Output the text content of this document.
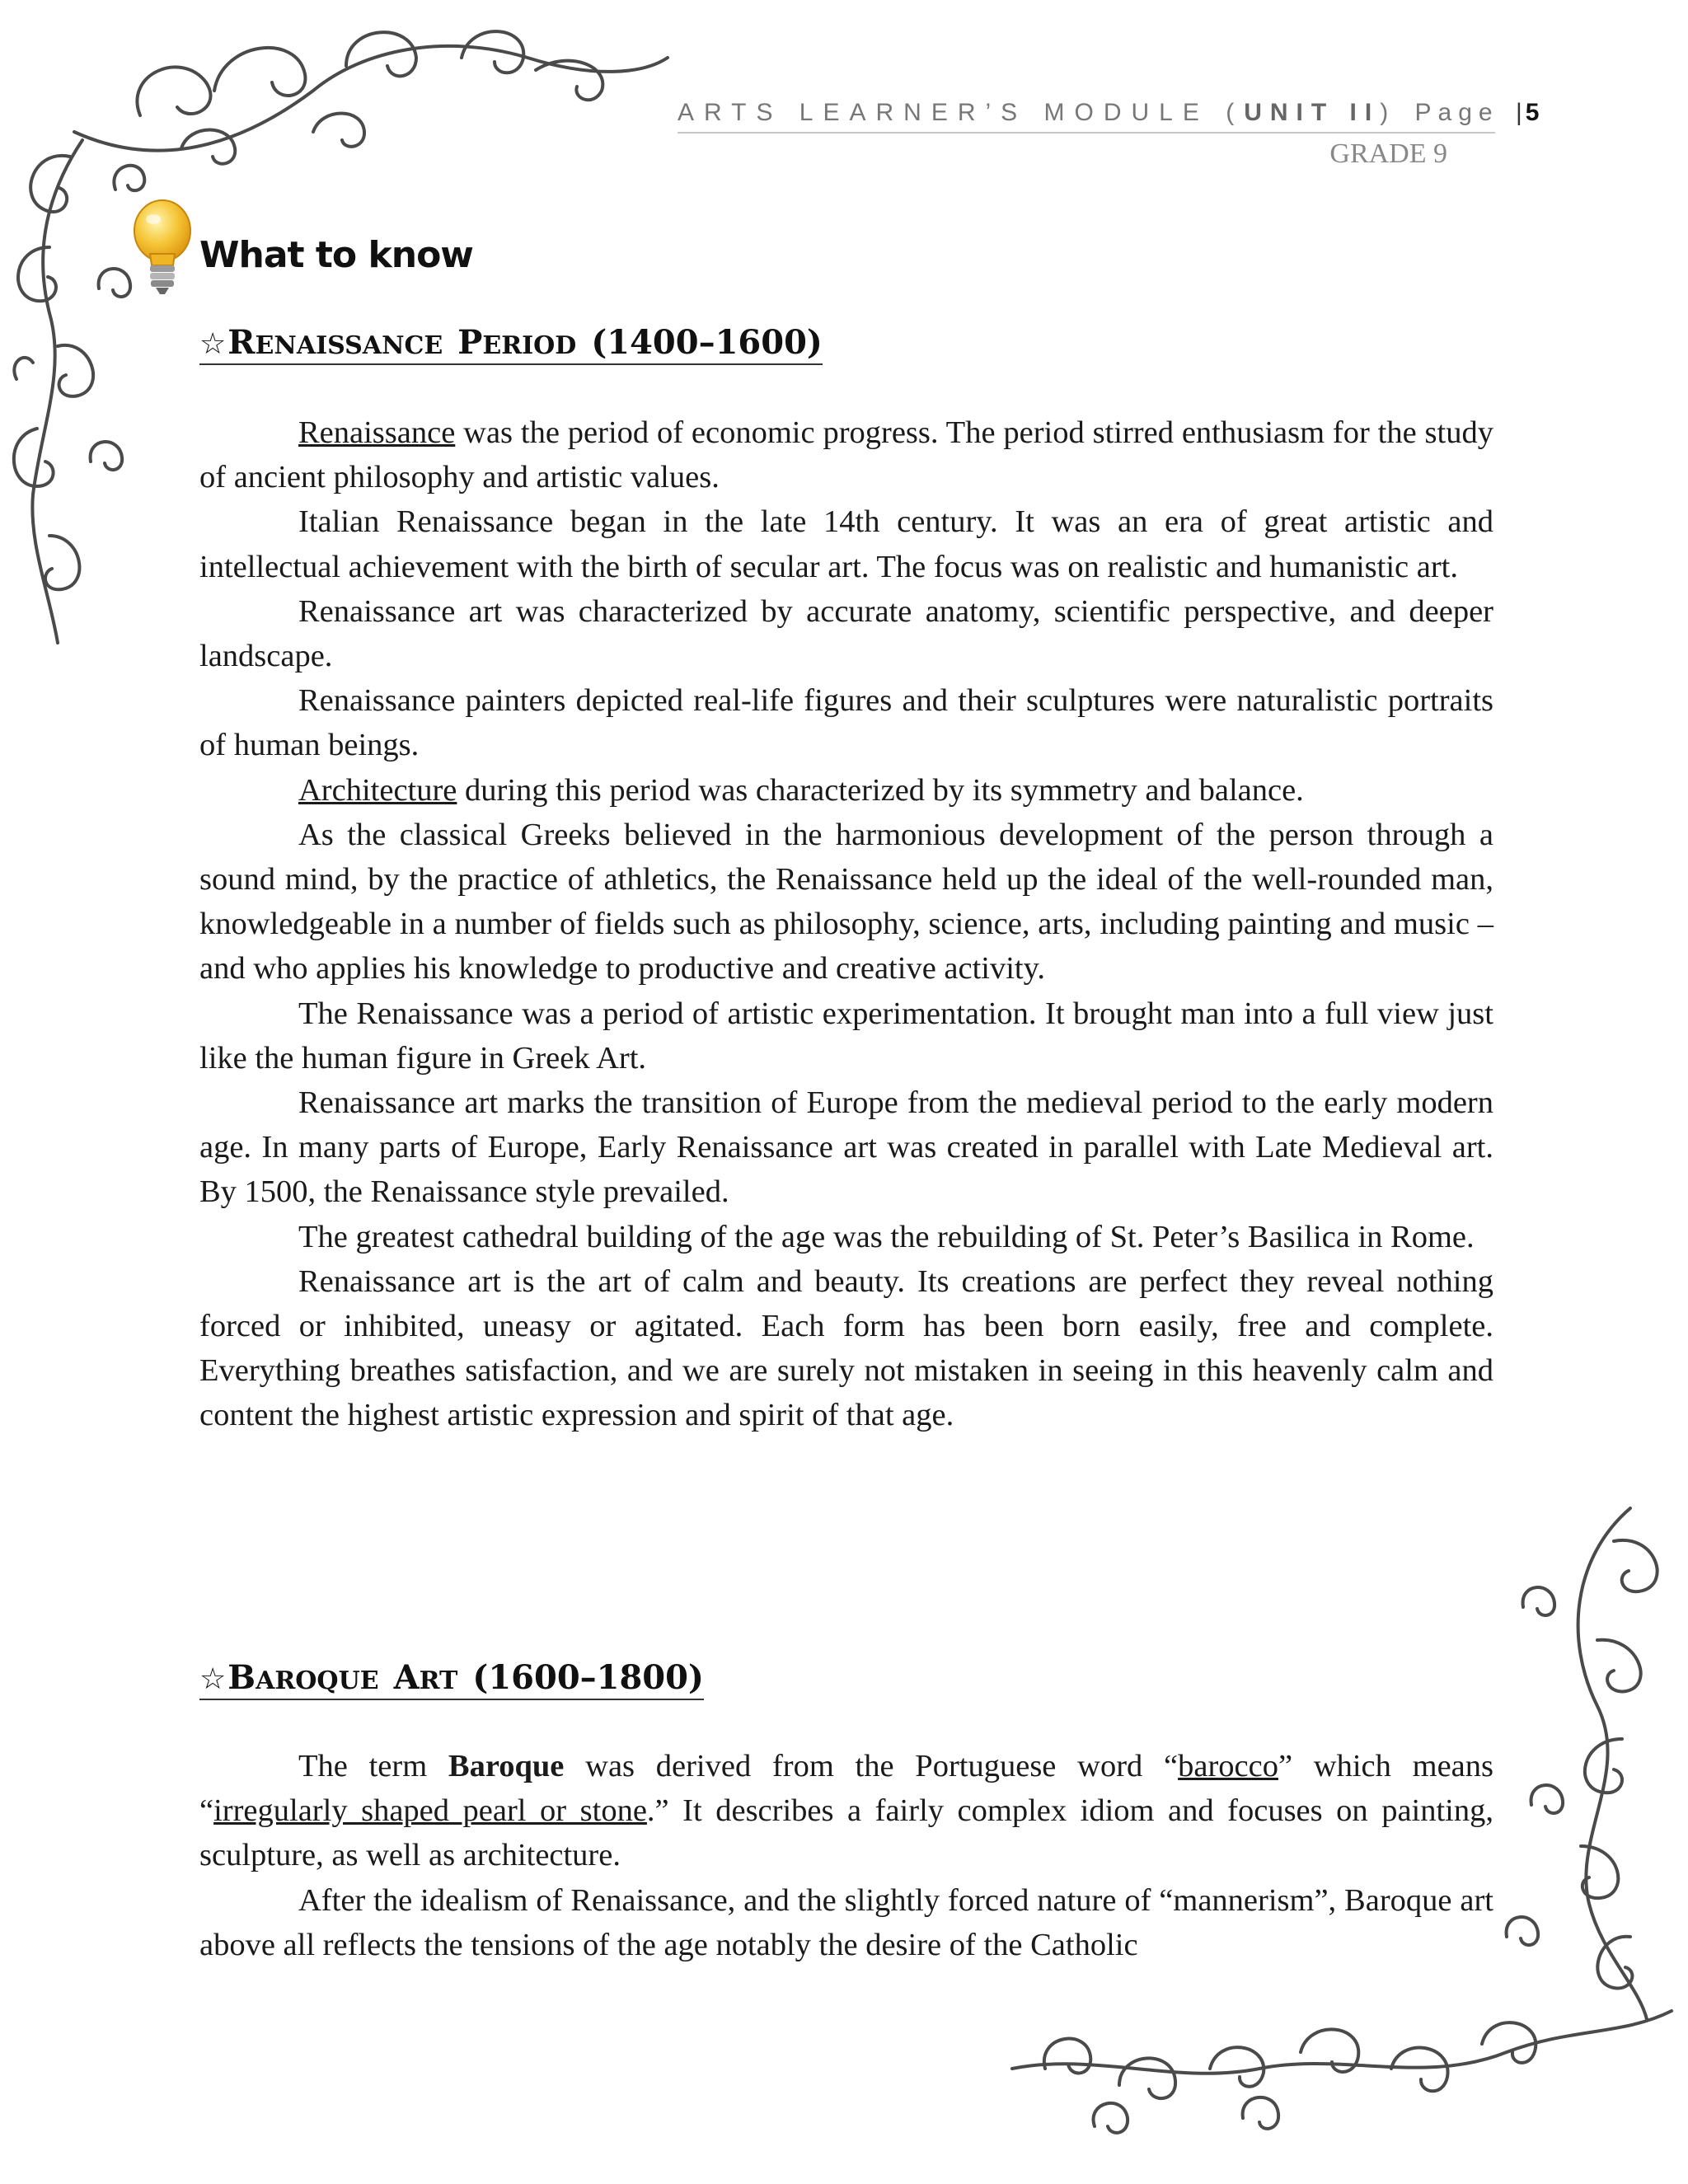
ARTS LEARNER’S MODULE (UNIT II) Page | 5
GRADE 9
What to know
☆RENAISSANCE PERIOD (1400–1600)

Renaissance was the period of economic progress. The period stirred enthusiasm for the study of ancient philosophy and artistic values.

Italian Renaissance began in the late 14th century. It was an era of great artistic and intellectual achievement with the birth of secular art. The focus was on realistic and humanistic art.

Renaissance art was characterized by accurate anatomy, scientific perspective, and deeper landscape.

Renaissance painters depicted real-life figures and their sculptures were naturalistic portraits of human beings.

Architecture during this period was characterized by its symmetry and balance.

As the classical Greeks believed in the harmonious development of the person through a sound mind, by the practice of athletics, the Renaissance held up the ideal of the well-rounded man, knowledgeable in a number of fields such as philosophy, science, arts, including painting and music – and who applies his knowledge to productive and creative activity.

The Renaissance was a period of artistic experimentation. It brought man into a full view just like the human figure in Greek Art.

Renaissance art marks the transition of Europe from the medieval period to the early modern age. In many parts of Europe, Early Renaissance art was created in parallel with Late Medieval art. By 1500, the Renaissance style prevailed.

The greatest cathedral building of the age was the rebuilding of St. Peter’s Basilica in Rome.

Renaissance art is the art of calm and beauty. Its creations are perfect they reveal nothing forced or inhibited, uneasy or agitated. Each form has been born easily, free and complete. Everything breathes satisfaction, and we are surely not mistaken in seeing in this heavenly calm and content the highest artistic expression and spirit of that age.

☆BAROQUE ART (1600–1800)

The term Baroque was derived from the Portuguese word “barocco” which means “irregularly shaped pearl or stone.” It describes a fairly complex idiom and focuses on painting, sculpture, as well as architecture.

After the idealism of Renaissance, and the slightly forced nature of “mannerism”, Baroque art above all reflects the tensions of the age notably the desire of the Catholic
